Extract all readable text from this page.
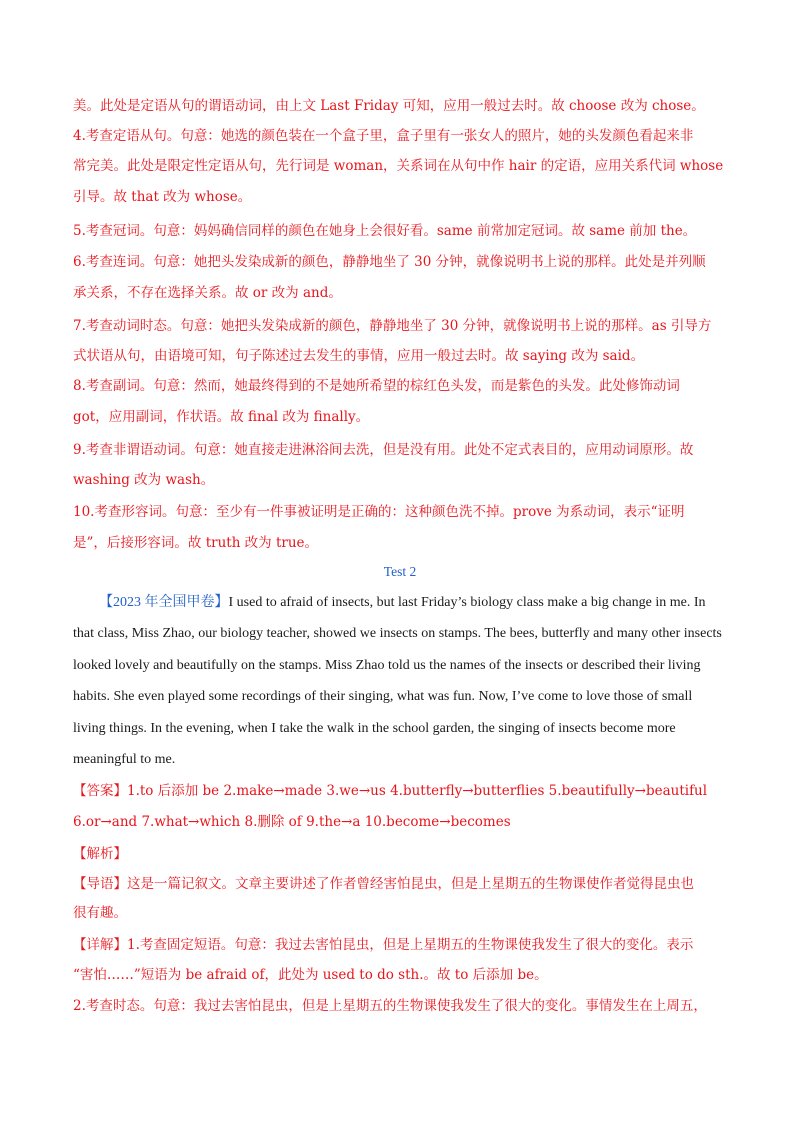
美。此处是定语从句的谓语动词，由上文 Last Friday 可知，应用一般过去时。故 choose 改为 chose。

4.考查定语从句。句意：她选的颜色装在一个盒子里，盒子里有一张女人的照片，她的头发颜色看起来非

常完美。此处是限定性定语从句，先行词是 woman，关系词在从句中作 hair 的定语，应用关系代词 whose

引导。故 that 改为 whose。

5.考查冠词。句意：妈妈确信同样的颜色在她身上会很好看。same 前常加定冠词。故 same 前加 the。

6.考查连词。句意：她把头发染成新的颜色，静静地坐了 30 分钟，就像说明书上说的那样。此处是并列顺

承关系，不存在选择关系。故 or 改为 and。

7.考查动词时态。句意：她把头发染成新的颜色，静静地坐了 30 分钟，就像说明书上说的那样。as 引导方

式状语从句，由语境可知，句子陈述过去发生的事情，应用一般过去时。故 saying 改为 said。

8.考查副词。句意：然而，她最终得到的不是她所希望的棕红色头发，而是紫色的头发。此处修饰动词

got，应用副词，作状语。故 final 改为 finally。

9.考查非谓语动词。句意：她直接走进淋浴间去洗，但是没有用。此处不定式表目的，应用动词原形。故

washing 改为 wash。

10.考查形容词。句意：至少有一件事被证明是正确的：这种颜色洗不掉。prove 为系动词，表示“证明

是”，后接形容词。故 truth 改为 true。

Test 2

【2023 年全国甲卷】I used to afraid of insects, but last Friday’s biology class make a big change in me. In

that class, Miss Zhao, our biology teacher, showed we insects on stamps. The bees, butterfly and many other insects

looked lovely and beautifully on the stamps. Miss Zhao told us the names of the insects or described their living

habits. She even played some recordings of their singing, what was fun. Now, I’ve come to love those of small

living things. In the evening, when I take the walk in the school garden, the singing of insects become more

meaningful to me.

【答案】1.to 后添加 be 2.make→made 3.we→us 4.butterfly→butterflies 5.beautifully→beautiful

6.or→and 7.what→which 8.删除 of 9.the→a 10.become→becomes

【解析】

【导语】这是一篇记叙文。文章主要讲述了作者曾经害怕昆虫，但是上星期五的生物课使作者觉得昆虫也

很有趣。

【详解】1.考查固定短语。句意：我过去害怕昆虫，但是上星期五的生物课使我发生了很大的变化。表示

“害怕……”短语为 be afraid of，此处为 used to do sth.。故 to 后添加 be。

2.考查时态。句意：我过去害怕昆虫，但是上星期五的生物课使我发生了很大的变化。事情发生在上周五，
